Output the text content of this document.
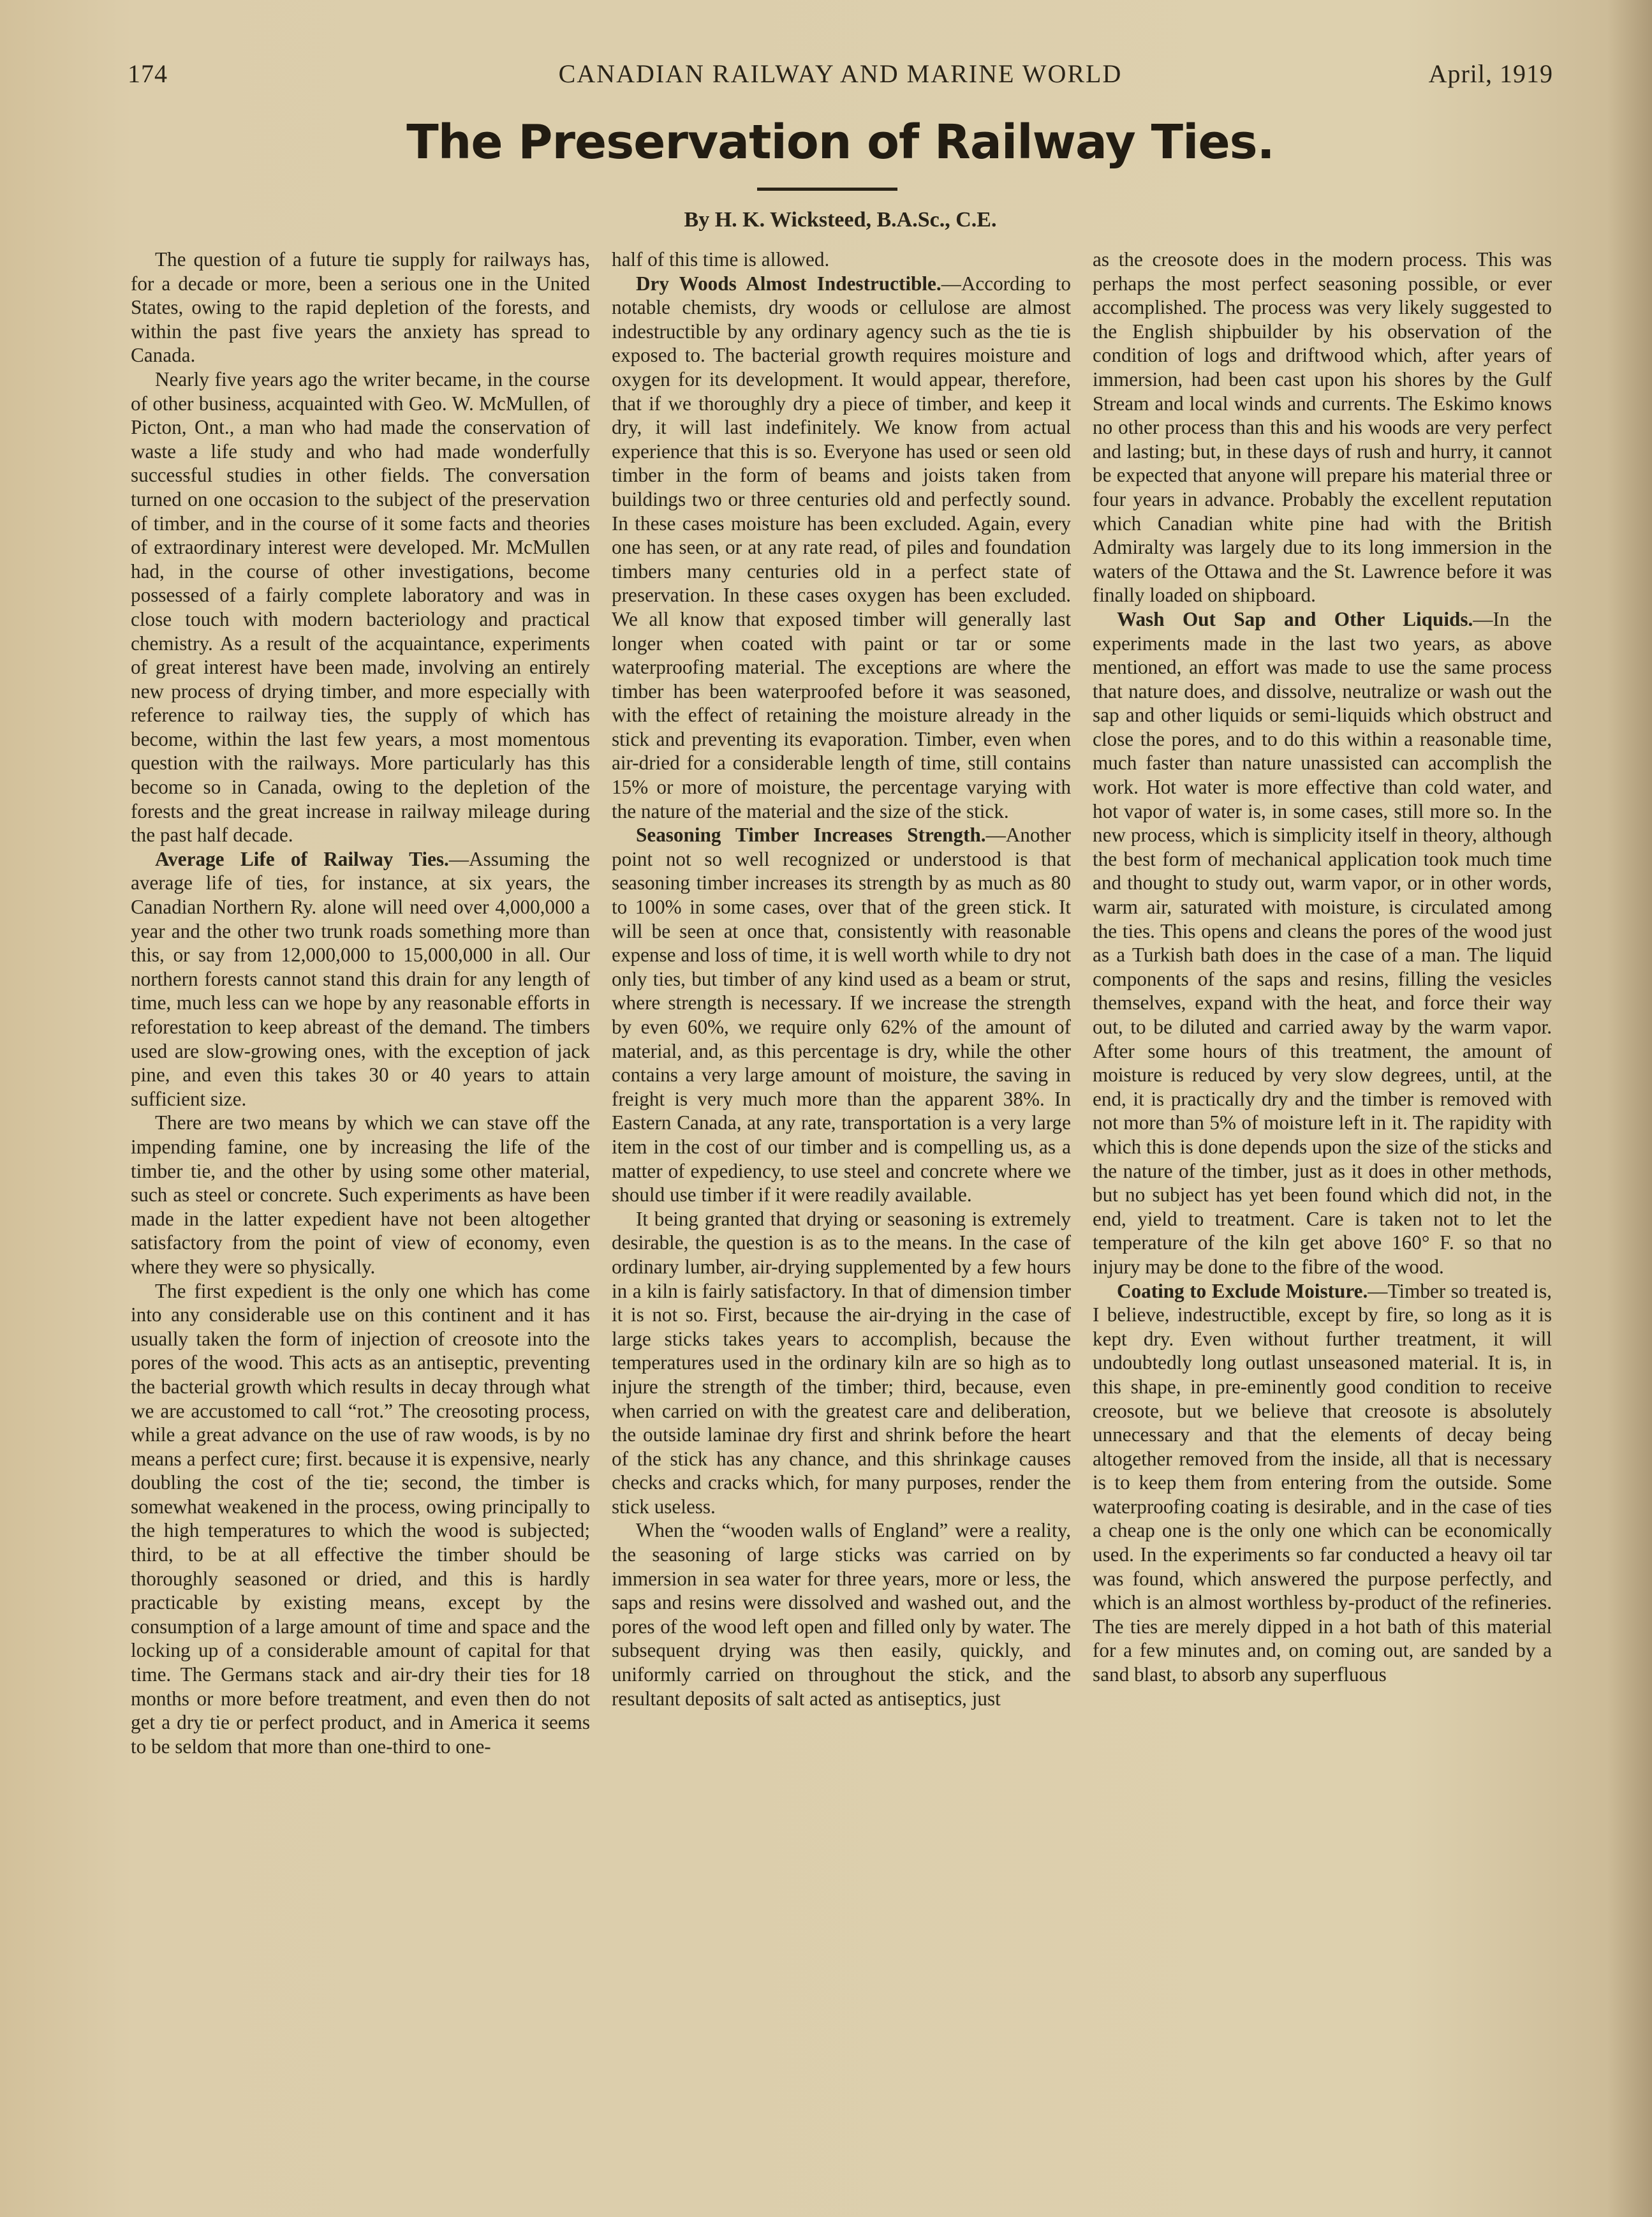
174	CANADIAN RAILWAY AND MARINE WORLD	April, 1919
The Preservation of Railway Ties.
By H. K. Wicksteed, B.A.Sc., C.E.

The question of a future tie supply for railways has, for a decade or more, been a serious one in the United States, owing to the rapid depletion of the forests, and within the past five years the anxiety has spread to Canada.

Nearly five years ago the writer became, in the course of other business, acquainted with Geo. W. McMullen, of Picton, Ont., a man who had made the conservation of waste a life study and who had made wonderfully successful studies in other fields. The conversation turned on one occasion to the subject of the preservation of timber, and in the course of it some facts and theories of extraordinary interest were developed. Mr. McMullen had, in the course of other investigations, become possessed of a fairly complete laboratory and was in close touch with modern bacteriology and practical chemistry. As a result of the acquaintance, experiments of great interest have been made, involving an entirely new process of drying timber, and more especially with reference to railway ties, the supply of which has become, within the last few years, a most momentous question with the railways. More particularly has this become so in Canada, owing to the depletion of the forests and the great increase in railway mileage during the past half decade.

Average Life of Railway Ties.—Assuming the average life of ties, for instance, at six years, the Canadian Northern Ry. alone will need over 4,000,000 a year and the other two trunk roads something more than this, or say from 12,000,000 to 15,000,000 in all. Our northern forests cannot stand this drain for any length of time, much less can we hope by any reasonable efforts in reforestation to keep abreast of the demand. The timbers used are slow-growing ones, with the exception of jack pine, and even this takes 30 or 40 years to attain sufficient size.

There are two means by which we can stave off the impending famine, one by increasing the life of the timber tie, and the other by using some other material, such as steel or concrete. Such experiments as have been made in the latter expedient have not been altogether satisfactory from the point of view of economy, even where they were so physically.

The first expedient is the only one which has come into any considerable use on this continent and it has usually taken the form of injection of creosote into the pores of the wood. This acts as an antiseptic, preventing the bacterial growth which results in decay through what we are accustomed to call “rot.” The creosoting process, while a great advance on the use of raw woods, is by no means a perfect cure; first. because it is expensive, nearly doubling the cost of the tie; second, the timber is somewhat weakened in the process, owing principally to the high temperatures to which the wood is subjected; third, to be at all effective the timber should be thoroughly seasoned or dried, and this is hardly practicable by existing means, except by the consumption of a large amount of time and space and the locking up of a considerable amount of capital for that time. The Germans stack and air-dry their ties for 18 months or more before treatment, and even then do not get a dry tie or perfect product, and in America it seems to be seldom that more than one-third to one-

half of this time is allowed.

Dry Woods Almost Indestructible.—According to notable chemists, dry woods or cellulose are almost indestructible by any ordinary agency such as the tie is exposed to. The bacterial growth requires moisture and oxygen for its development. It would appear, therefore, that if we thoroughly dry a piece of timber, and keep it dry, it will last indefinitely. We know from actual experience that this is so. Everyone has used or seen old timber in the form of beams and joists taken from buildings two or three centuries old and perfectly sound. In these cases moisture has been excluded. Again, every one has seen, or at any rate read, of piles and foundation timbers many centuries old in a perfect state of preservation. In these cases oxygen has been excluded. We all know that exposed timber will generally last longer when coated with paint or tar or some waterproofing material. The exceptions are where the timber has been waterproofed before it was seasoned, with the effect of retaining the moisture already in the stick and preventing its evaporation. Timber, even when air-dried for a considerable length of time, still contains 15% or more of moisture, the percentage varying with the nature of the material and the size of the stick.

Seasoning Timber Increases Strength.—Another point not so well recognized or understood is that seasoning timber increases its strength by as much as 80 to 100% in some cases, over that of the green stick. It will be seen at once that, consistently with reasonable expense and loss of time, it is well worth while to dry not only ties, but timber of any kind used as a beam or strut, where strength is necessary. If we increase the strength by even 60%, we require only 62% of the amount of material, and, as this percentage is dry, while the other contains a very large amount of moisture, the saving in freight is very much more than the apparent 38%. In Eastern Canada, at any rate, transportation is a very large item in the cost of our timber and is compelling us, as a matter of expediency, to use steel and concrete where we should use timber if it were readily available.

It being granted that drying or seasoning is extremely desirable, the question is as to the means. In the case of ordinary lumber, air-drying supplemented by a few hours in a kiln is fairly satisfactory. In that of dimension timber it is not so. First, because the air-drying in the case of large sticks takes years to accomplish, because the temperatures used in the ordinary kiln are so high as to injure the strength of the timber; third, because, even when carried on with the greatest care and deliberation, the outside laminae dry first and shrink before the heart of the stick has any chance, and this shrinkage causes checks and cracks which, for many purposes, render the stick useless.

When the “wooden walls of England” were a reality, the seasoning of large sticks was carried on by immersion in sea water for three years, more or less, the saps and resins were dissolved and washed out, and the pores of the wood left open and filled only by water. The subsequent drying was then easily, quickly, and uniformly carried on throughout the stick, and the resultant deposits of salt acted as antiseptics, just

as the creosote does in the modern process. This was perhaps the most perfect seasoning possible, or ever accomplished. The process was very likely suggested to the English shipbuilder by his observation of the condition of logs and driftwood which, after years of immersion, had been cast upon his shores by the Gulf Stream and local winds and currents. The Eskimo knows no other process than this and his woods are very perfect and lasting; but, in these days of rush and hurry, it cannot be expected that anyone will prepare his material three or four years in advance. Probably the excellent reputation which Canadian white pine had with the British Admiralty was largely due to its long immersion in the waters of the Ottawa and the St. Lawrence before it was finally loaded on shipboard.

Wash Out Sap and Other Liquids.—In the experiments made in the last two years, as above mentioned, an effort was made to use the same process that nature does, and dissolve, neutralize or wash out the sap and other liquids or semi-liquids which obstruct and close the pores, and to do this within a reasonable time, much faster than nature unassisted can accomplish the work. Hot water is more effective than cold water, and hot vapor of water is, in some cases, still more so. In the new process, which is simplicity itself in theory, although the best form of mechanical application took much time and thought to study out, warm vapor, or in other words, warm air, saturated with moisture, is circulated among the ties. This opens and cleans the pores of the wood just as a Turkish bath does in the case of a man. The liquid components of the saps and resins, filling the vesicles themselves, expand with the heat, and force their way out, to be diluted and carried away by the warm vapor. After some hours of this treatment, the amount of moisture is reduced by very slow degrees, until, at the end, it is practically dry and the timber is removed with not more than 5% of moisture left in it. The rapidity with which this is done depends upon the size of the sticks and the nature of the timber, just as it does in other methods, but no subject has yet been found which did not, in the end, yield to treatment. Care is taken not to let the temperature of the kiln get above 160° F. so that no injury may be done to the fibre of the wood.

Coating to Exclude Moisture.—Timber so treated is, I believe, indestructible, except by fire, so long as it is kept dry. Even without further treatment, it will undoubtedly long outlast unseasoned material. It is, in this shape, in pre-eminently good condition to receive creosote, but we believe that creosote is absolutely unnecessary and that the elements of decay being altogether removed from the inside, all that is necessary is to keep them from entering from the outside. Some waterproofing coating is desirable, and in the case of ties a cheap one is the only one which can be economically used. In the experiments so far conducted a heavy oil tar was found, which answered the purpose perfectly, and which is an almost worthless by-product of the refineries. The ties are merely dipped in a hot bath of this material for a few minutes and, on coming out, are sanded by a sand blast, to absorb any superfluous
